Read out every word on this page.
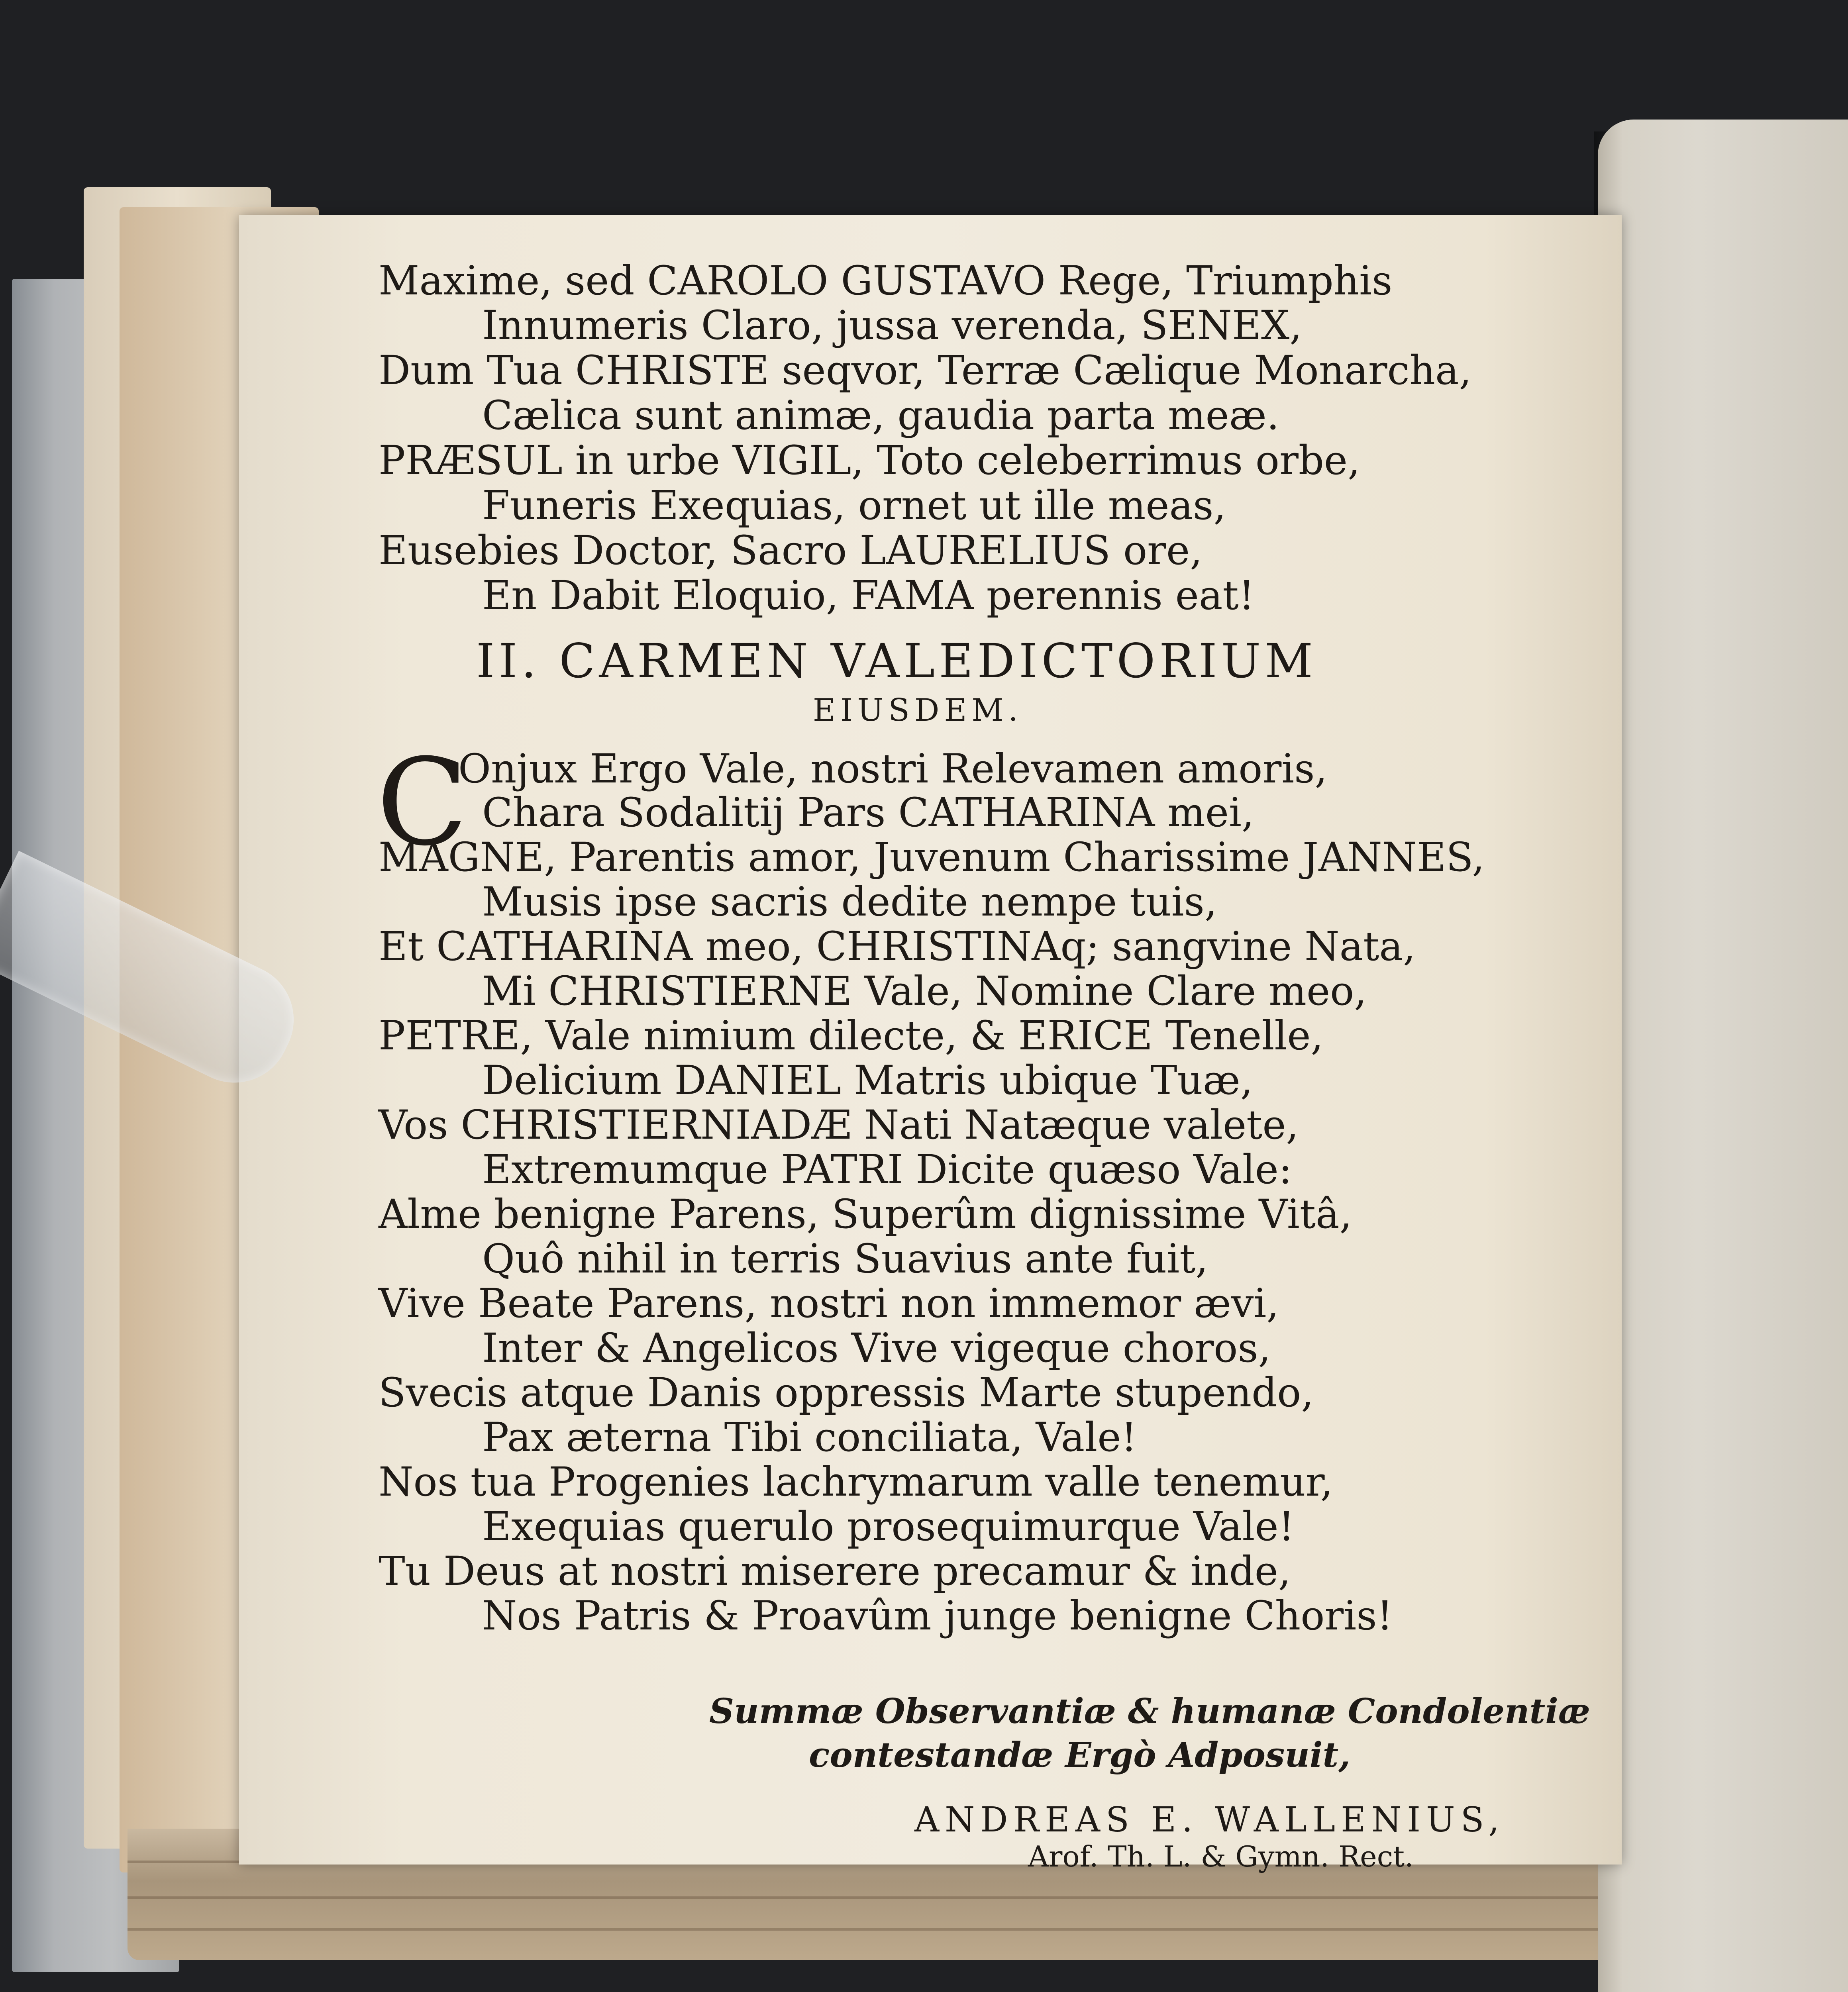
Maxime, sed CAROLO GUSTAVO Rege, Triumphis
Innumeris Claro, jussa verenda, SENEX,
Dum Tua CHRISTE seqvor, Terræ Cælique Monarcha,
Cælica sunt animæ, gaudia parta meæ.
PRÆSUL in urbe VIGIL, Toto celeberrimus orbe,
Funeris Exequias, ornet ut ille meas,
Eusebies Doctor, Sacro LAURELIUS ore,
En Dabit Eloquio, FAMA perennis eat!
II. CARMEN VALEDICTORIUM
EIUSDEM.
C
Onjux Ergo Vale, nostri Relevamen amoris,
Chara Sodalitij Pars CATHARINA mei,
MAGNE, Parentis amor, Juvenum Charissime JANNES,
Musis ipse sacris dedite nempe tuis,
Et CATHARINA meo, CHRISTINAq; sangvine Nata,
Mi CHRISTIERNE Vale, Nomine Clare meo,
PETRE, Vale nimium dilecte, & ERICE Tenelle,
Delicium DANIEL Matris ubique Tuæ,
Vos CHRISTIERNIADÆ Nati Natæque valete,
Extremumque PATRI Dicite quæso Vale:
Alme benigne Parens, Superûm dignissime Vitâ,
Quô nihil in terris Suavius ante fuit,
Vive Beate Parens, nostri non immemor ævi,
Inter & Angelicos Vive vigeque choros,
Svecis atque Danis oppressis Marte stupendo,
Pax æterna Tibi conciliata, Vale!
Nos tua Progenies lachrymarum valle tenemur,
Exequias querulo prosequimurque Vale!
Tu Deus at nostri miserere precamur & inde,
Nos Patris & Proavûm junge benigne Choris!
Summæ Observantiæ & humanæ Condolentiæ
contestandæ Ergò Adposuit,
ANDREAS E. WALLENIUS,
Arof. Th. L. & Gymn. Rect.
